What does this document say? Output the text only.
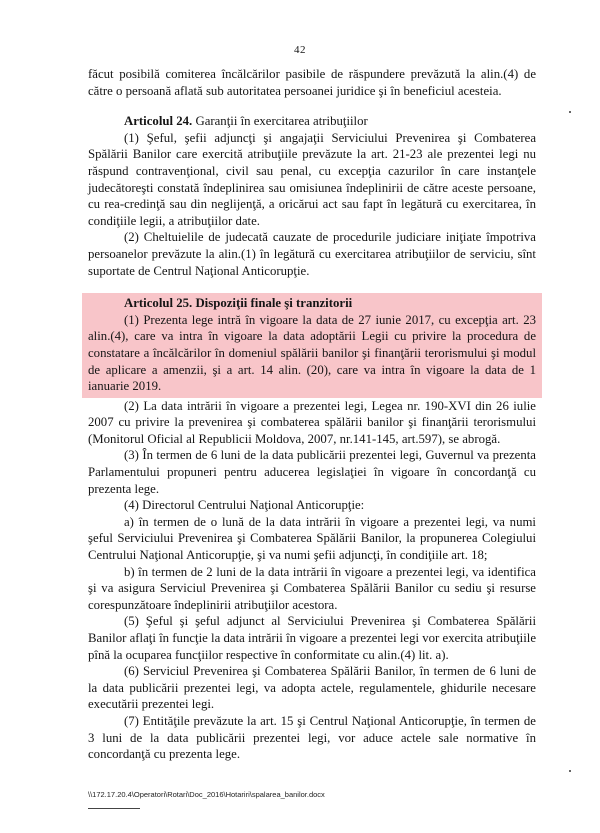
42

făcut posibilă comiterea încălcărilor pasibile de răspundere prevăzută la alin.(4) de către o persoană aflată sub autoritatea persoanei juridice şi în beneficiul acesteia.

Articolul 24. Garanţii în exercitarea atribuţiilor

(1) Şeful, şefii adjuncţi şi angajaţii Serviciului Prevenirea şi Combaterea Spălării Banilor care exercită atribuţiile prevăzute la art. 21-23 ale prezentei legi nu răspund contravenţional, civil sau penal, cu excepţia cazurilor în care instanţele judecătoreşti constată îndeplinirea sau omisiunea îndeplinirii de către aceste persoane, cu rea-credinţă sau din neglijenţă, a oricărui act sau fapt în legătură cu exercitarea, în condiţiile legii, a atribuţiilor date.

(2) Cheltuielile de judecată cauzate de procedurile judiciare iniţiate împotriva persoanelor prevăzute la alin.(1) în legătură cu exercitarea atribuţiilor de serviciu, sînt suportate de Centrul Naţional Anticorupţie.

Articolul 25. Dispoziţii finale şi tranzitorii

(1) Prezenta lege intră în vigoare la data de 27 iunie 2017, cu excepţia art. 23 alin.(4), care va intra în vigoare la data adoptării Legii cu privire la procedura de constatare a încălcărilor în domeniul spălării banilor şi finanţării terorismului şi modul de aplicare a amenzii, şi a art. 14 alin. (20), care va intra în vigoare la data de 1 ianuarie 2019.

(2) La data intrării în vigoare a prezentei legi, Legea nr. 190-XVI din 26 iulie 2007 cu privire la prevenirea şi combaterea spălării banilor şi finanţării terorismului (Monitorul Oficial al Republicii Moldova, 2007, nr.141-145, art.597), se abrogă.

(3) În termen de 6 luni de la data publicării prezentei legi, Guvernul va prezenta Parlamentului propuneri pentru aducerea legislaţiei în vigoare în concordanţă cu prezenta lege.

(4) Directorul Centrului Naţional Anticorupţie:

a) în termen de o lună de la data intrării în vigoare a prezentei legi, va numi şeful Serviciului Prevenirea şi Combaterea Spălării Banilor, la propunerea Colegiului Centrului Naţional Anticorupţie, şi va numi şefii adjuncţi, în condiţiile art. 18;

b) în termen de 2 luni de la data intrării în vigoare a prezentei legi, va identifica şi va asigura Serviciul Prevenirea şi Combaterea Spălării Banilor cu sediu şi resurse corespunzătoare îndeplinirii atribuţiilor acestora.

(5) Şeful şi şeful adjunct al Serviciului Prevenirea şi Combaterea Spălării Banilor aflaţi în funcţie la data intrării în vigoare a prezentei legi vor exercita atribuţiile pînă la ocuparea funcţiilor respective în conformitate cu alin.(4) lit. a).

(6) Serviciul Prevenirea şi Combaterea Spălării Banilor, în termen de 6 luni de la data publicării prezentei legi, va adopta actele, regulamentele, ghidurile necesare executării prezentei legi.

(7) Entităţile prevăzute la art. 15 şi Centrul Naţional Anticorupţie, în termen de 3 luni de la data publicării prezentei legi, vor aduce actele sale normative în concordanţă cu prezenta lege.

\\172.17.20.4\Operatori\Rotari\Doc_2016\Hotariri\spalarea_banilor.docx
